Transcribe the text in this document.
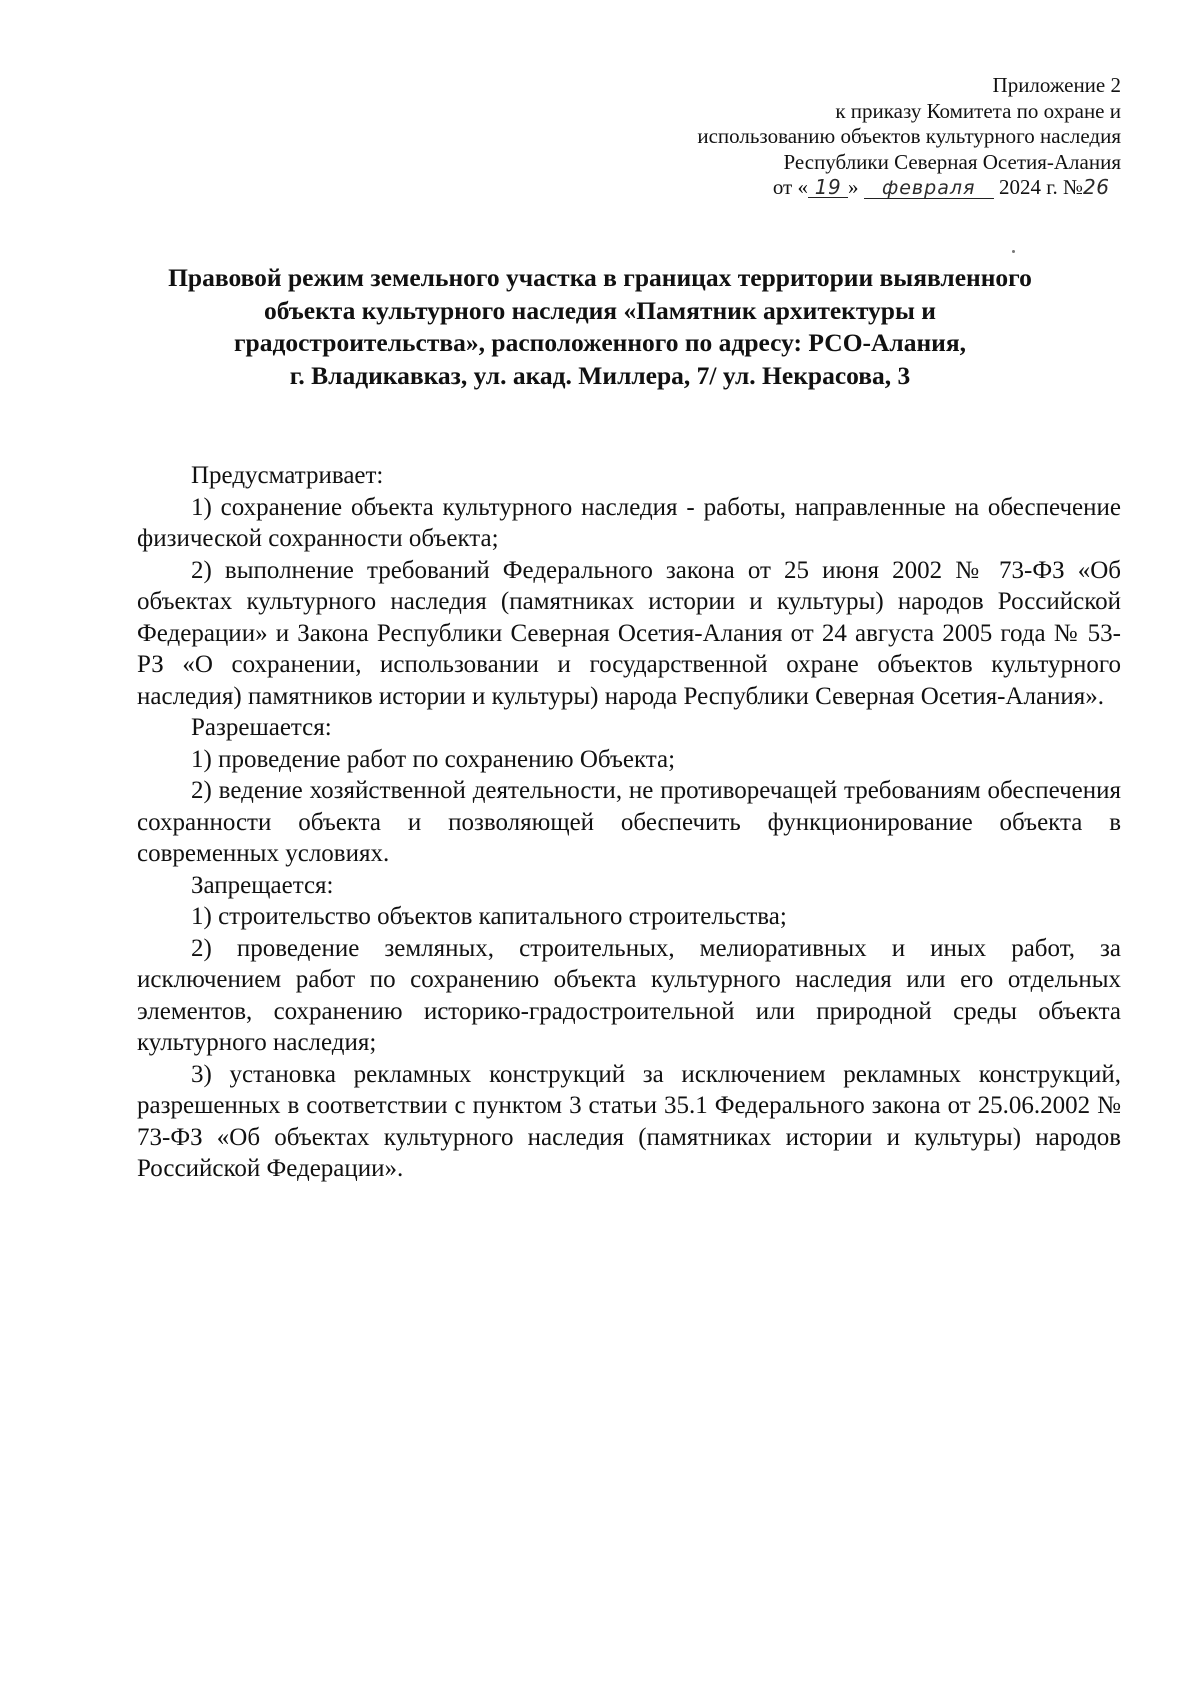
Приложение 2
к приказу Комитета по охране и
использованию объектов культурного наследия
Республики Северная Осетия-Алания
от « 19 » февраля 2024 г. №26
Правовой режим земельного участка в границах территории выявленного
объекта культурного наследия «Памятник архитектуры и
градостроительства», расположенного по адресу: РСО-Алания,
г. Владикавказ, ул. акад. Миллера, 7/ ул. Некрасова, 3

Предусматривает:

1) сохранение объекта культурного наследия - работы, направленные на обеспечение физической сохранности объекта;

2) выполнение требований Федерального закона от 25 июня 2002 № 73-ФЗ «Об объектах культурного наследия (памятниках истории и культуры) народов Российской Федерации» и Закона Республики Северная Осетия-Алания от 24 августа 2005 года № 53-РЗ «О сохранении, использовании и государственной охране объектов культурного наследия) памятников истории и культуры) народа Республики Северная Осетия-Алания».

Разрешается:

1) проведение работ по сохранению Объекта;

2) ведение хозяйственной деятельности, не противоречащей требованиям обеспечения сохранности объекта и позволяющей обеспечить функционирование объекта в современных условиях.

Запрещается:

1) строительство объектов капитального строительства;

2) проведение земляных, строительных, мелиоративных и иных работ, за исключением работ по сохранению объекта культурного наследия или его отдельных элементов, сохранению историко-градостроительной или природной среды объекта культурного наследия;

3) установка рекламных конструкций за исключением рекламных конструкций, разрешенных в соответствии с пунктом 3 статьи 35.1 Федерального закона от 25.06.2002 № 73-ФЗ «Об объектах культурного наследия (памятниках истории и культуры) народов Российской Федерации».
